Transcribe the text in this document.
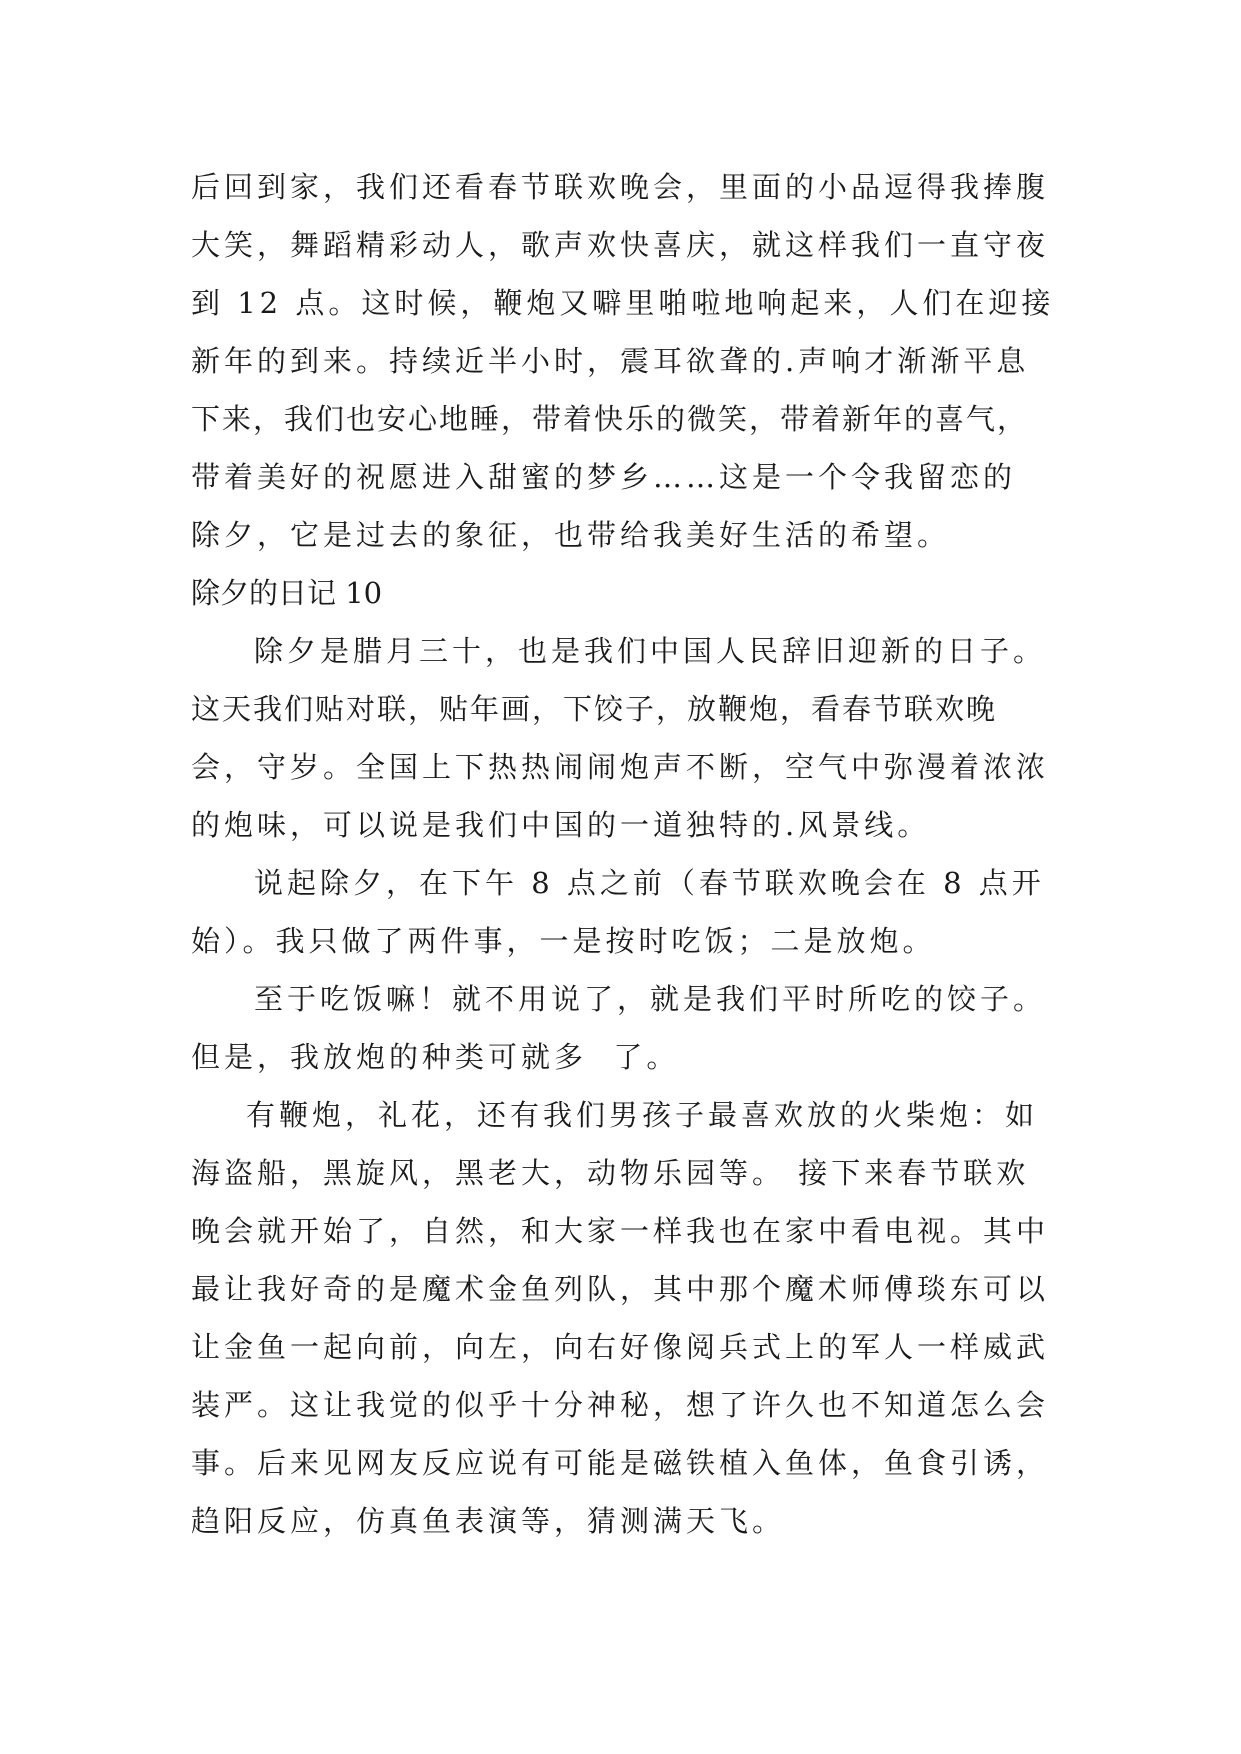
后回到家，我们还看春节联欢晚会，里面的小品逗得我捧腹
大笑，舞蹈精彩动人，歌声欢快喜庆，就这样我们一直守夜
到 12 点。这时候，鞭炮又噼里啪啦地响起来，人们在迎接
新年的到来。持续近半小时，震耳欲聋的.声响才渐渐平息
下来，我们也安心地睡，带着快乐的微笑，带着新年的喜气，
带着美好的祝愿进入甜蜜的梦乡……这是一个令我留恋的
除夕，它是过去的象征，也带给我美好生活的希望。
除夕的日记 10
除夕是腊月三十，也是我们中国人民辞旧迎新的日子。
这天我们贴对联，贴年画，下饺子，放鞭炮，看春节联欢晚
会，守岁。全国上下热热闹闹炮声不断，空气中弥漫着浓浓
的炮味，可以说是我们中国的一道独特的.风景线。
说起除夕，在下午 8 点之前（春节联欢晚会在 8 点开
始）。我只做了两件事，一是按时吃饭；二是放炮。
至于吃饭嘛！就不用说了，就是我们平时所吃的饺子。
但是，我放炮的种类可就多  了。
有鞭炮，礼花，还有我们男孩子最喜欢放的火柴炮：如
海盗船，黑旋风，黑老大，动物乐园等。 接下来春节联欢
晚会就开始了，自然，和大家一样我也在家中看电视。其中
最让我好奇的是魔术金鱼列队，其中那个魔术师傅琰东可以
让金鱼一起向前，向左，向右好像阅兵式上的军人一样威武
装严。这让我觉的似乎十分神秘，想了许久也不知道怎么会
事。后来见网友反应说有可能是磁铁植入鱼体，鱼食引诱，
趋阳反应，仿真鱼表演等，猜测满天飞。
